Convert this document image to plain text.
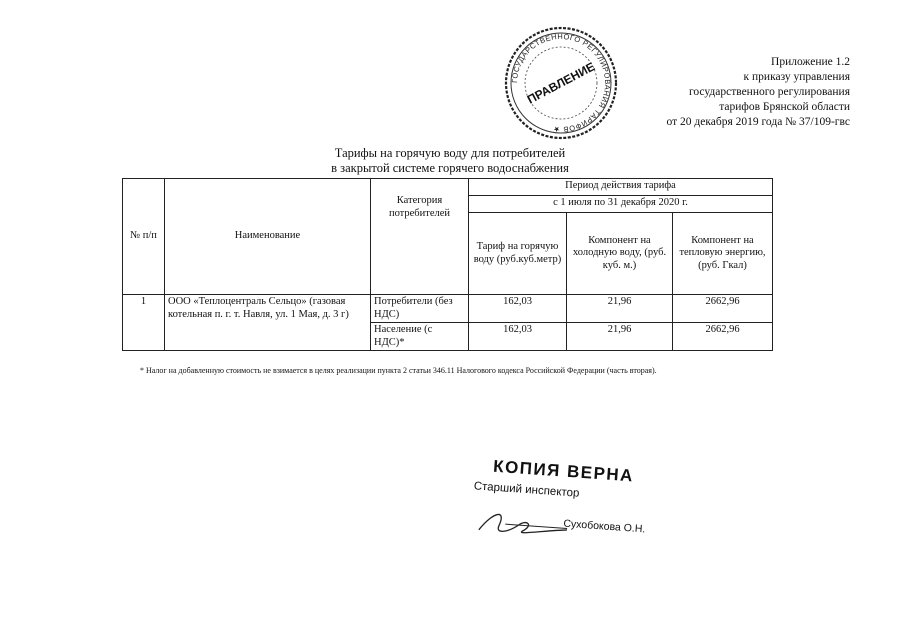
ГОСУДАРСТВЕННОГО РЕГУЛИРОВАНИЯ ТАРИФОВ ★
ПРАВЛЕНИЕ	Приложение 1.2
к приказу управления
государственного регулирования
тарифов Брянской области
от 20 декабря 2019 года № 37/109-гвс
Тарифы на горячую воду для потребителей
в закрытой системе горячего водоснабжения
№ п/п	Наименование	Категория потребителей	Период действия тарифа		
			с 1 июля по 31 декабря 2020 г.		
			Тариф на горячую воду (руб.куб.метр)	Компонент на холодную воду, (руб. куб. м.)	Компонент на тепловую энергию, (руб. Гкал)
1	ООО «Теплоцентраль Сельцо» (газовая котельная п. г. т. Навля, ул. 1 Мая, д. 3 г)	Потребители (без НДС)	162,03	21,96	2662,96
		Население (с НДС)*	162,03	21,96	2662,96
* Налог на добавленную стоимость не взимается в целях реализации пункта 2 статьи 346.11 Налогового кодекса Российской Федерации (часть вторая).
КОПИЯ ВЕРНА
Старший инспектор
Сухобокова О.Н.
